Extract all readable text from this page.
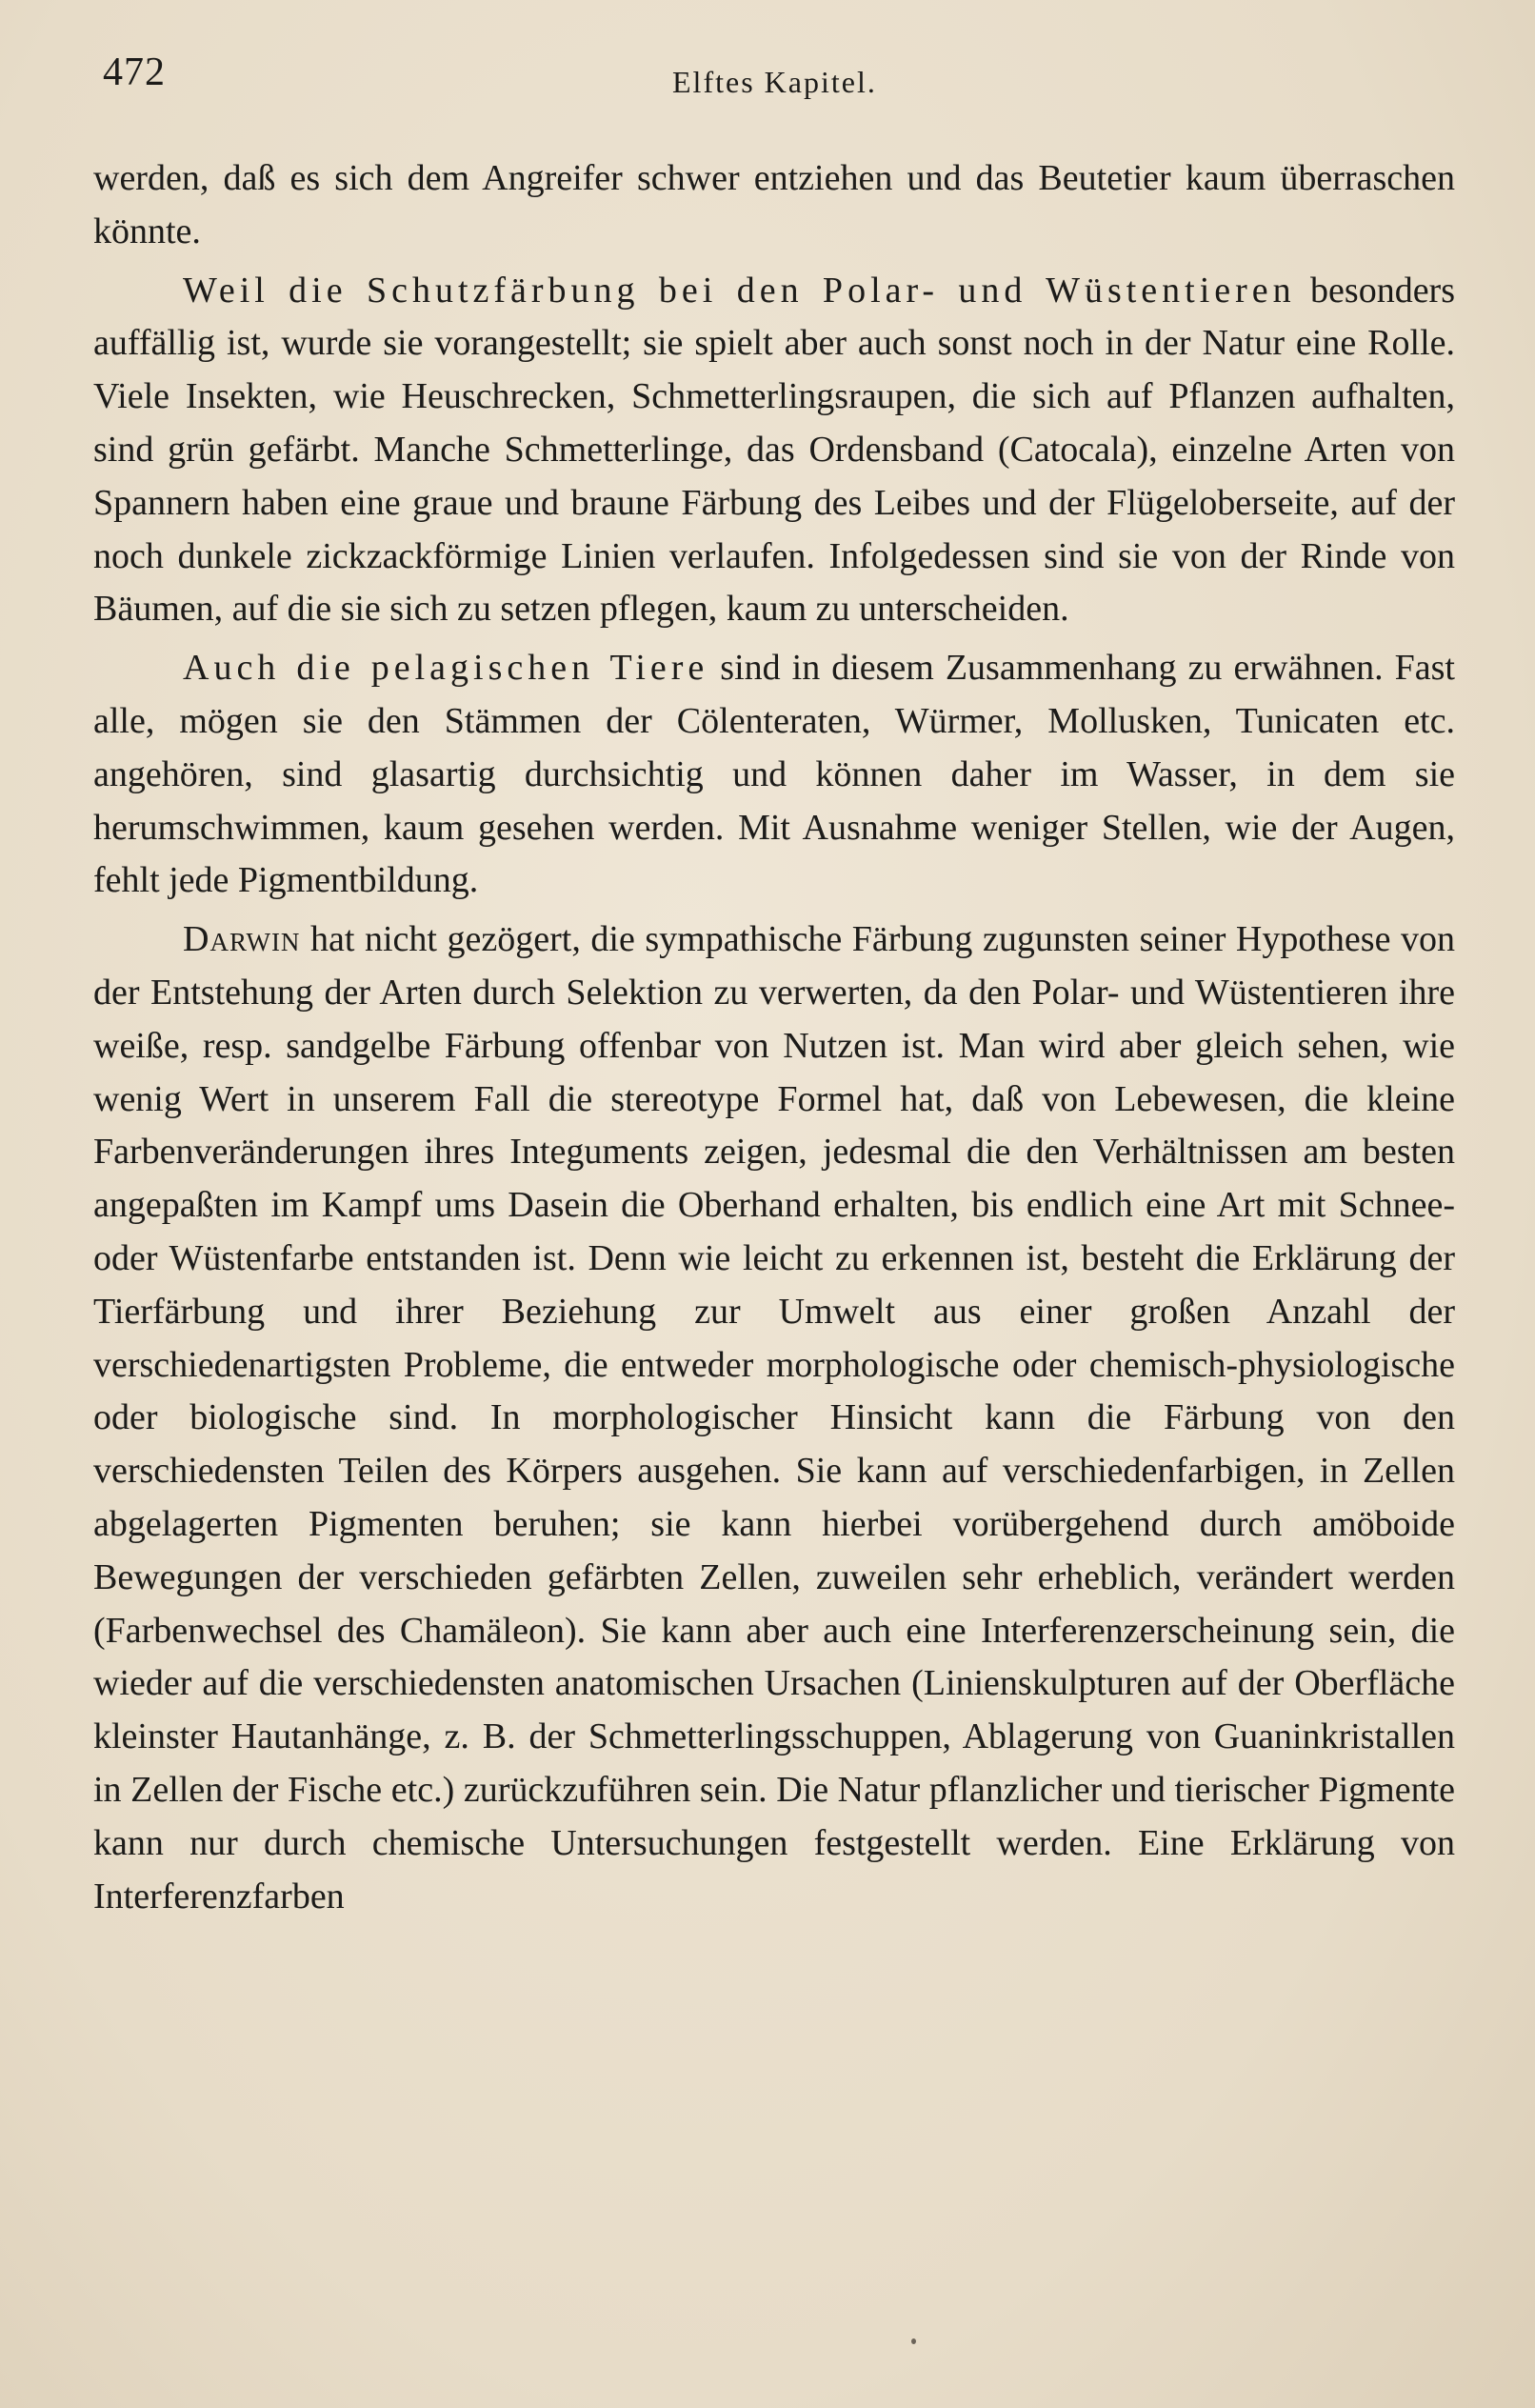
472	Elftes Kapitel.

werden, daß es sich dem Angreifer schwer entziehen und das Beutetier kaum überraschen könnte.

Weil die Schutzfärbung bei den Polar- und Wüstentieren besonders auffällig ist, wurde sie vorangestellt; sie spielt aber auch sonst noch in der Natur eine Rolle. Viele Insekten, wie Heuschrecken, Schmetterlingsraupen, die sich auf Pflanzen aufhalten, sind grün gefärbt. Manche Schmetterlinge, das Ordensband (Catocala), einzelne Arten von Spannern haben eine graue und braune Färbung des Leibes und der Flügeloberseite, auf der noch dunkele zickzackförmige Linien verlaufen. Infolgedessen sind sie von der Rinde von Bäumen, auf die sie sich zu setzen pflegen, kaum zu unterscheiden.

Auch die pelagischen Tiere sind in diesem Zusammenhang zu erwähnen. Fast alle, mögen sie den Stämmen der Cölenteraten, Würmer, Mollusken, Tunicaten etc. angehören, sind glasartig durchsichtig und können daher im Wasser, in dem sie herumschwimmen, kaum gesehen werden. Mit Ausnahme weniger Stellen, wie der Augen, fehlt jede Pigmentbildung.

Darwin hat nicht gezögert, die sympathische Färbung zugunsten seiner Hypothese von der Entstehung der Arten durch Selektion zu verwerten, da den Polar- und Wüstentieren ihre weiße, resp. sandgelbe Färbung offenbar von Nutzen ist. Man wird aber gleich sehen, wie wenig Wert in unserem Fall die stereotype Formel hat, daß von Lebewesen, die kleine Farbenveränderungen ihres Integuments zeigen, jedesmal die den Verhältnissen am besten angepaßten im Kampf ums Dasein die Oberhand erhalten, bis endlich eine Art mit Schnee- oder Wüstenfarbe entstanden ist. Denn wie leicht zu erkennen ist, besteht die Erklärung der Tierfärbung und ihrer Beziehung zur Umwelt aus einer großen Anzahl der verschiedenartigsten Probleme, die entweder morphologische oder chemisch-physiologische oder biologische sind. In morphologischer Hinsicht kann die Färbung von den verschiedensten Teilen des Körpers ausgehen. Sie kann auf verschiedenfarbigen, in Zellen abgelagerten Pigmenten beruhen; sie kann hierbei vorübergehend durch amöboide Bewegungen der verschieden gefärbten Zellen, zuweilen sehr erheblich, verändert werden (Farbenwechsel des Chamäleon). Sie kann aber auch eine Interferenzerscheinung sein, die wieder auf die verschiedensten anatomischen Ursachen (Linienskulpturen auf der Oberfläche kleinster Hautanhänge, z. B. der Schmetterlingsschuppen, Ablagerung von Guaninkristallen in Zellen der Fische etc.) zurückzuführen sein. Die Natur pflanzlicher und tierischer Pigmente kann nur durch chemische Untersuchungen festgestellt werden. Eine Erklärung von Interferenzfarben
